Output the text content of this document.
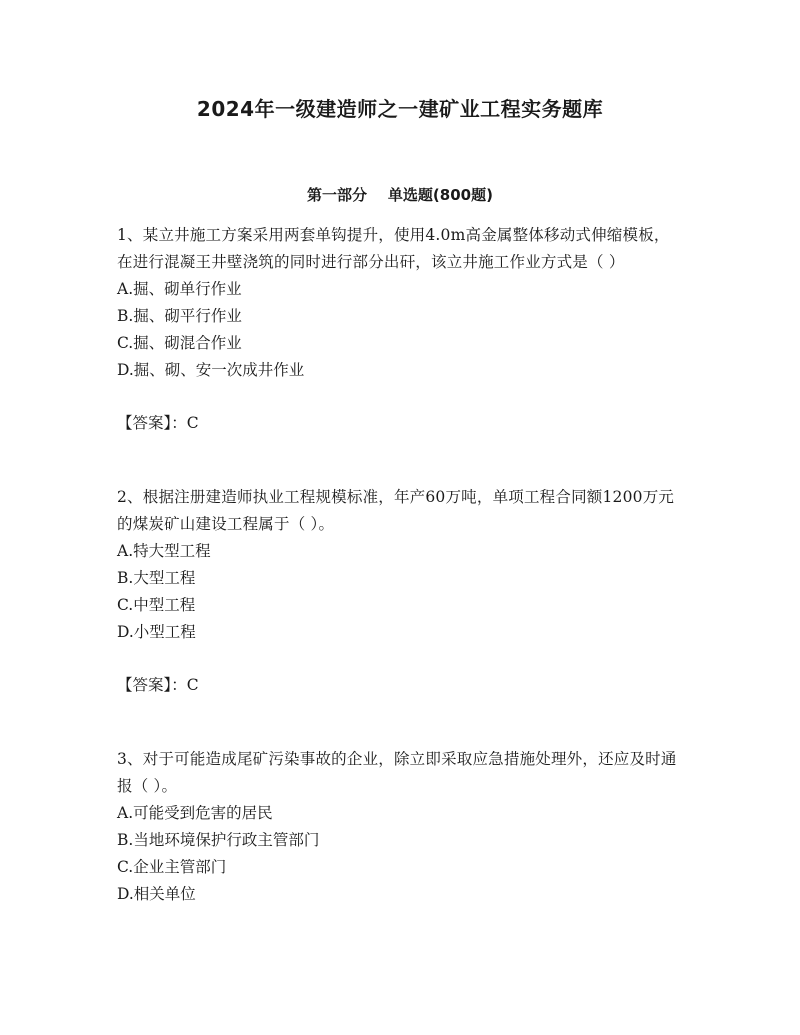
2024年一级建造师之一建矿业工程实务题库
第一部分    单选题(800题)

1、某立井施工方案采用两套单钩提升，使用4.0m高金属整体移动式伸缩模板，在进行混凝王井壁浇筑的同时进行部分出矸，该立井施工作业方式是（ ）

A.掘、砌单行作业

B.掘、砌平行作业

C.掘、砌混合作业

D.掘、砌、安一次成井作业

【答案】：C

2、根据注册建造师执业工程规模标准，年产60万吨，单项工程合同额1200万元的煤炭矿山建设工程属于（ ）。

A.特大型工程

B.大型工程

C.中型工程

D.小型工程

【答案】：C

3、对于可能造成尾矿污染事故的企业，除立即采取应急措施处理外，还应及时通报（ ）。

A.可能受到危害的居民

B.当地环境保护行政主管部门

C.企业主管部门

D.相关单位
